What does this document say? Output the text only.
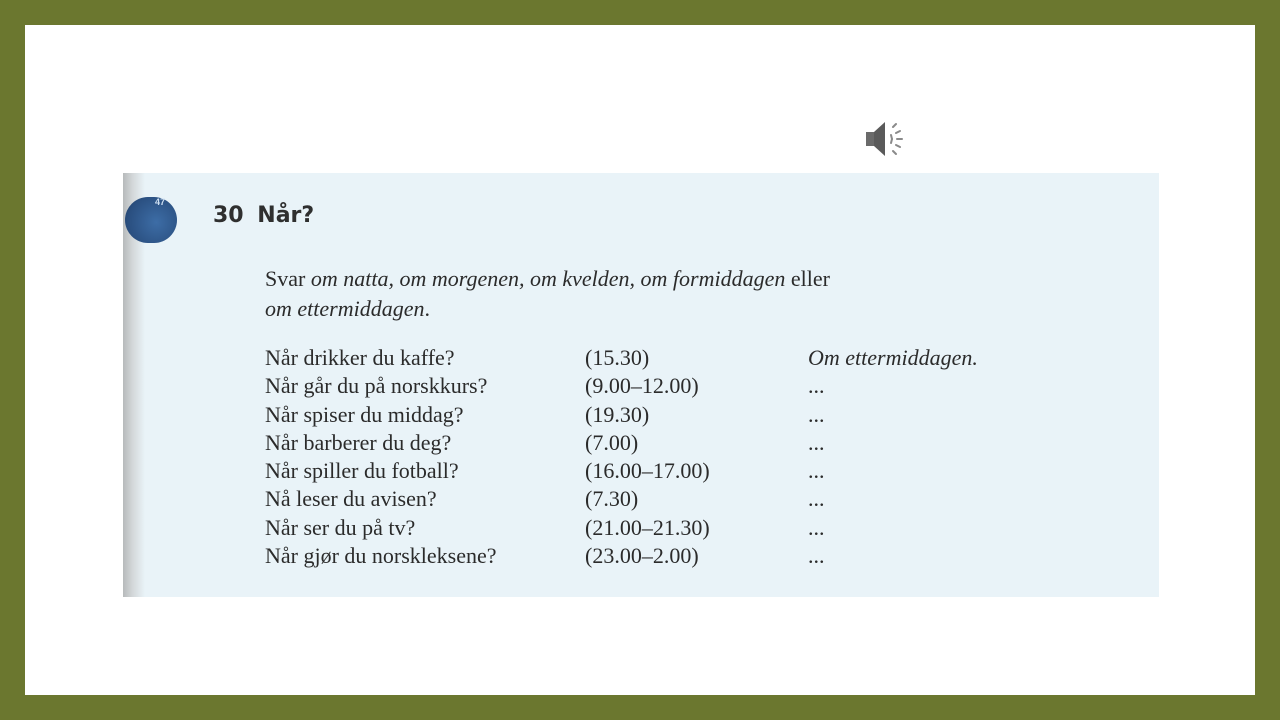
47
30 Når?
Svar om natta, om morgenen, om kvelden, om formiddagen eller
om ettermiddagen.
Når drikker du kaffe?	(15.30)	Om ettermiddagen.
Når går du på norskkurs?	(9.00–12.00)	...
Når spiser du middag?	(19.30)	...
Når barberer du deg?	(7.00)	...
Når spiller du fotball?	(16.00–17.00)	...
Nå leser du avisen?	(7.30)	...
Når ser du på tv?	(21.00–21.30)	...
Når gjør du norskleksene?	(23.00–2.00)	...
